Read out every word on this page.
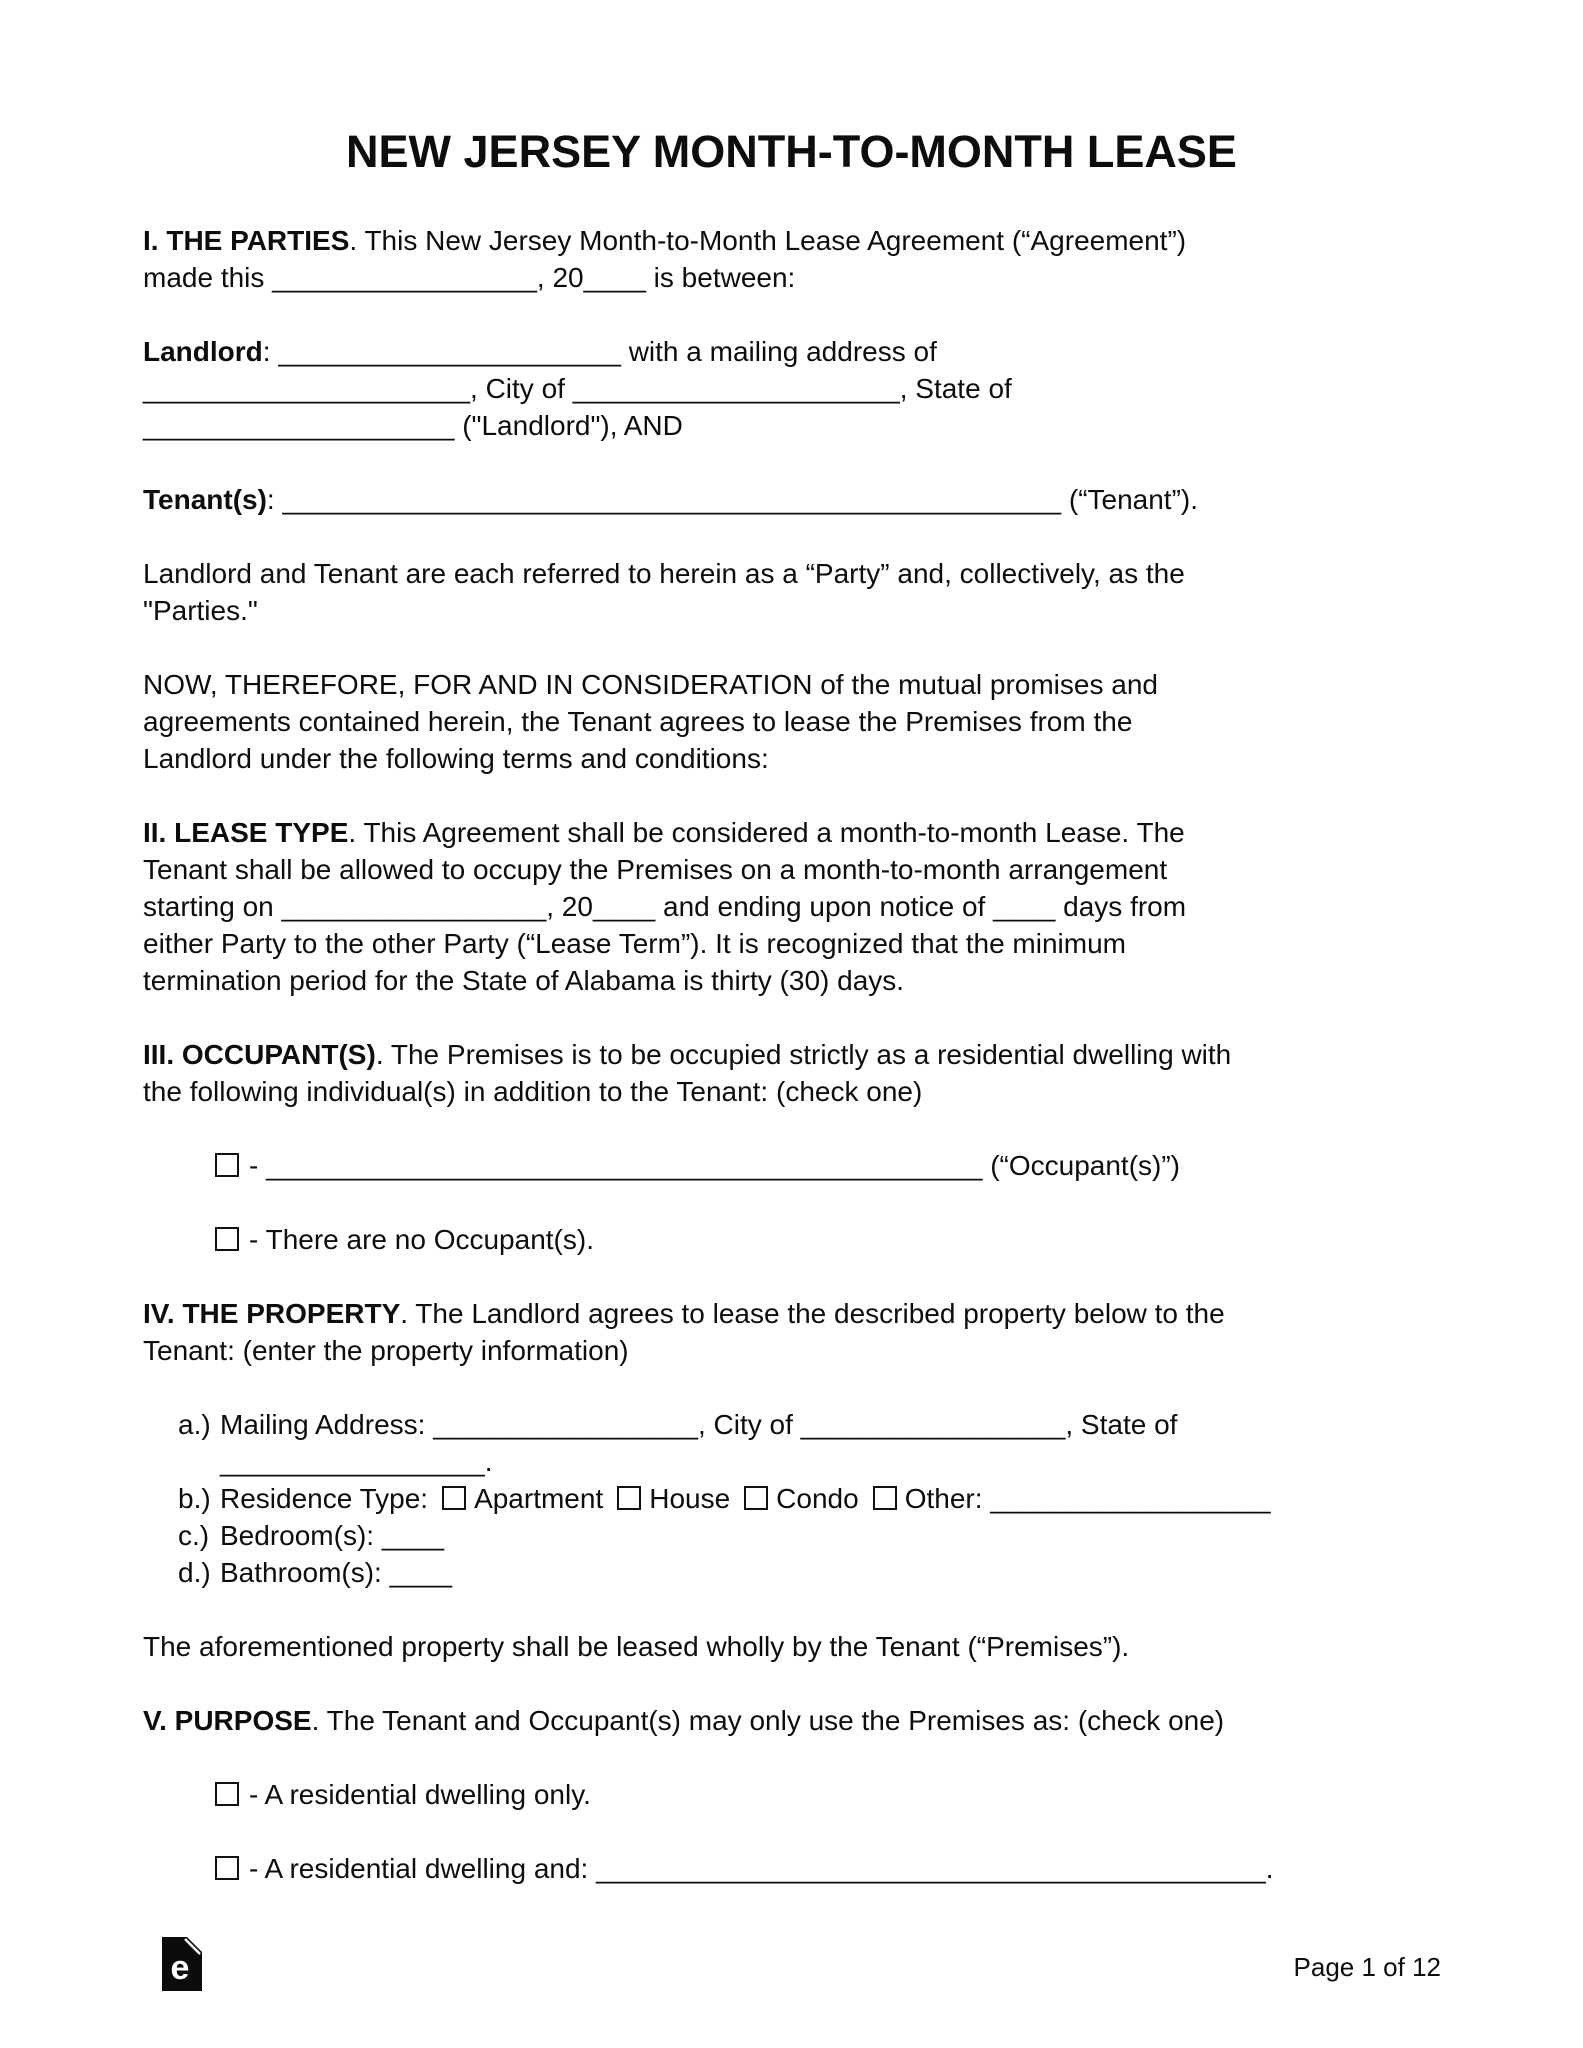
NEW JERSEY MONTH-TO-MONTH LEASE
I. THE PARTIES. This New Jersey Month-to-Month Lease Agreement (“Agreement”)
made this _________________, 20____ is between:
Landlord: ______________________ with a mailing address of
_____________________, City of _____________________, State of
____________________ ("Landlord"), AND
Tenant(s): __________________________________________________ (“Tenant”).
Landlord and Tenant are each referred to herein as a “Party” and, collectively, as the
"Parties."
NOW, THEREFORE, FOR AND IN CONSIDERATION of the mutual promises and
agreements contained herein, the Tenant agrees to lease the Premises from the
Landlord under the following terms and conditions:
II. LEASE TYPE. This Agreement shall be considered a month-to-month Lease. The
Tenant shall be allowed to occupy the Premises on a month-to-month arrangement
starting on _________________, 20____ and ending upon notice of ____ days from
either Party to the other Party (“Lease Term”). It is recognized that the minimum
termination period for the State of Alabama is thirty (30) days.
III. OCCUPANT(S). The Premises is to be occupied strictly as a residential dwelling with
the following individual(s) in addition to the Tenant: (check one)
- ______________________________________________ (“Occupant(s)”)
- There are no Occupant(s).
IV. THE PROPERTY. The Landlord agrees to lease the described property below to the
Tenant: (enter the property information)
a.) Mailing Address: _________________, City of _________________, State of
_________________.
b.) Residence Type: Apartment House Condo Other: __________________
c.) Bedroom(s): ____
d.) Bathroom(s): ____
The aforementioned property shall be leased wholly by the Tenant (“Premises”).
V. PURPOSE. The Tenant and Occupant(s) may only use the Premises as: (check one)
- A residential dwelling only.
- A residential dwelling and: ___________________________________________.
e	Page 1 of 12
